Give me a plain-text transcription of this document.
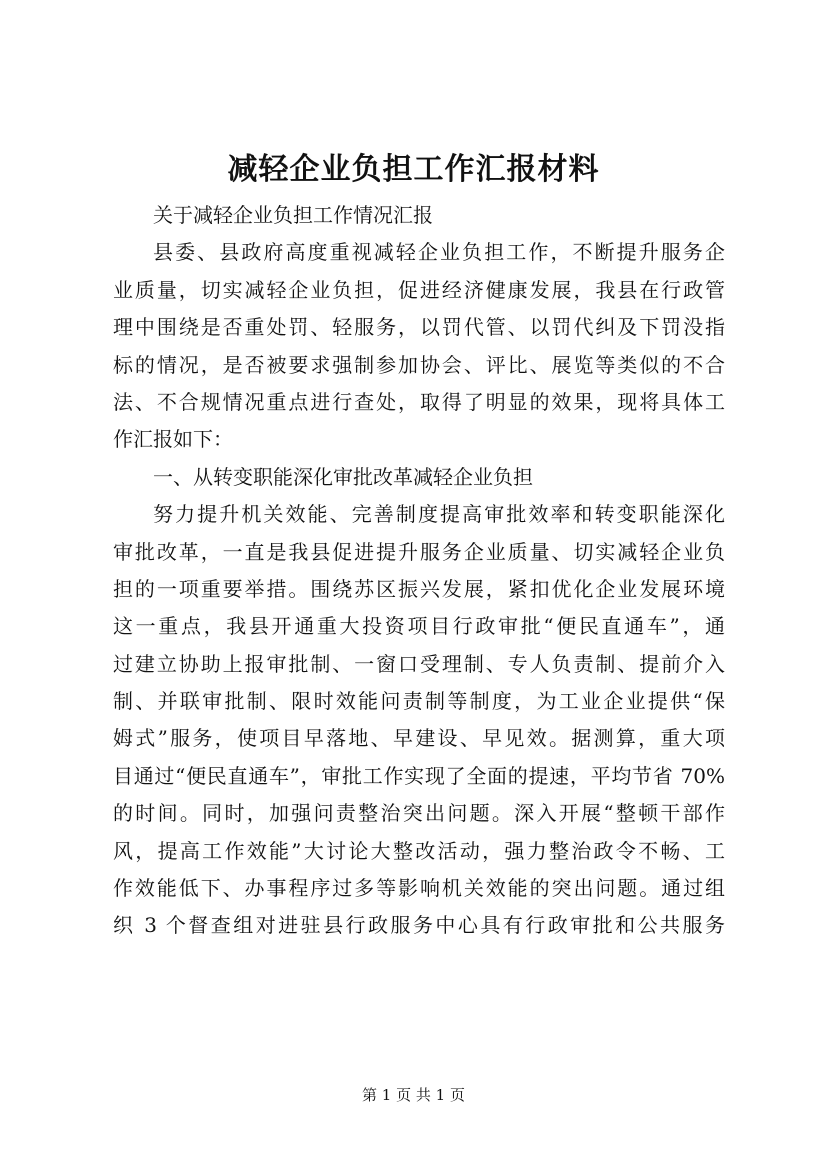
减轻企业负担工作汇报材料
关于减轻企业负担工作情况汇报
县委、县政府高度重视减轻企业负担工作，不断提升服务企
业质量，切实减轻企业负担，促进经济健康发展，我县在行政管
理中围绕是否重处罚、轻服务，以罚代管、以罚代纠及下罚没指
标的情况，是否被要求强制参加协会、评比、展览等类似的不合
法、不合规情况重点进行查处，取得了明显的效果，现将具体工
作汇报如下：
一、从转变职能深化审批改革减轻企业负担
努力提升机关效能、完善制度提高审批效率和转变职能深化
审批改革，一直是我县促进提升服务企业质量、切实减轻企业负
担的一项重要举措。围绕苏区振兴发展，紧扣优化企业发展环境
这一重点，我县开通重大投资项目行政审批“便民直通车”，通
过建立协助上报审批制、一窗口受理制、专人负责制、提前介入
制、并联审批制、限时效能问责制等制度，为工业企业提供“保
姆式”服务，使项目早落地、早建设、早见效。据测算，重大项
目通过“便民直通车”，审批工作实现了全面的提速，平均节省 70%
的时间。同时，加强问责整治突出问题。深入开展“整顿干部作
风，提高工作效能”大讨论大整改活动，强力整治政令不畅、工
作效能低下、办事程序过多等影响机关效能的突出问题。通过组
织 3 个督查组对进驻县行政服务中心具有行政审批和公共服务
第 1 页 共 1 页
